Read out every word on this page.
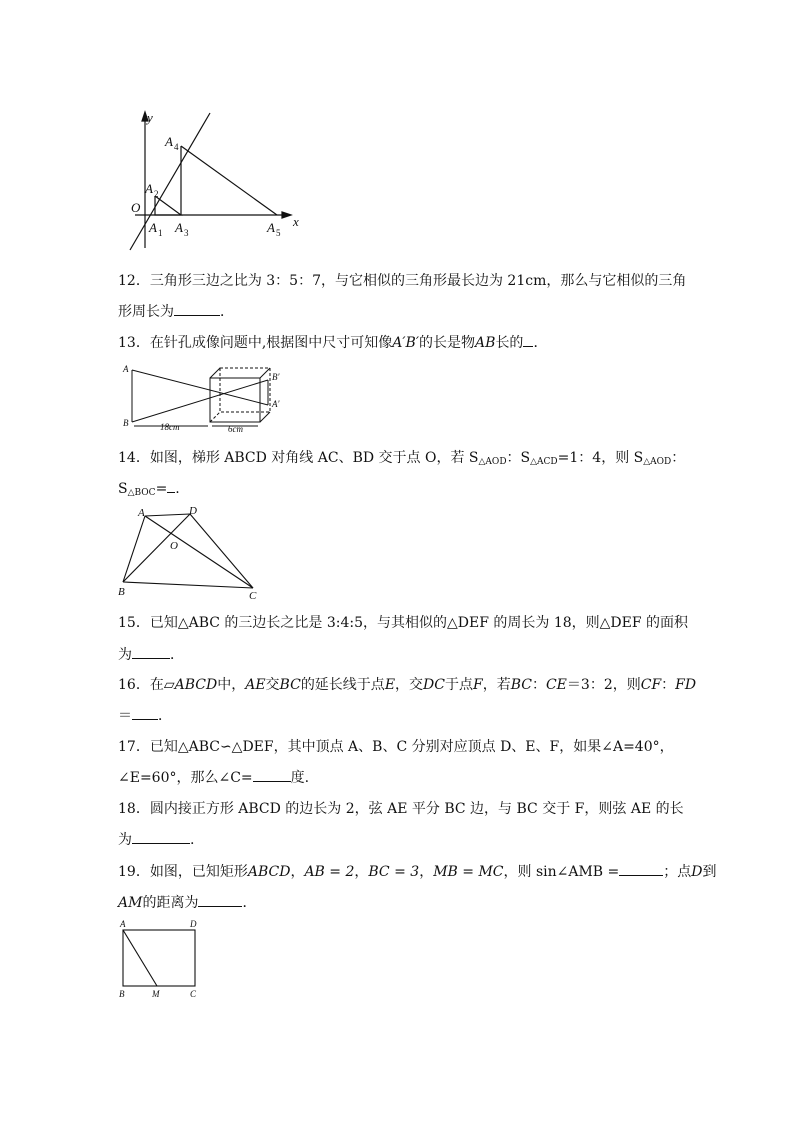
y
x
O
A 1
A 2
A 3
A 4
A 5
12．三角形三边之比为 3：5：7，与它相似的三角形最长边为 21cm，那么与它相似的三角
形周长为	．
13．在针孔成像问题中,根据图中尺寸可知像A′B′的长是物AB长的 ．
A
B
B′
A′
18cm	6cm
14．如图，梯形 ABCD 对角线 AC、BD 交于点 O，若 $S_{\triangle AOD}$：$S_{\triangle ACD}=1$：4，则 $S_{\triangle AOD}$：
$S_{\triangle BOC}=$ .
A	D
O
B	C
15．已知△ABC 的三边长之比是 3:4:5，与其相似的△DEF 的周长为 18，则△DEF 的面积
为	．
16．在▱ABCD中，AE交BC的延长线于点E，交DC于点F，若BC：CE＝3：2，则CF：FD
＝ ．
17．已知△ABC∽△DEF，其中顶点 A、B、C 分别对应顶点 D、E、F，如果∠A=40°，
∠E=60°，那么∠C=	度.
18．圆内接正方形 ABCD 的边长为 2，弦 AE 平分 BC 边，与 BC 交于 F，则弦 AE 的长
为	.
19．如图，已知矩形ABCD，AB = 2，BC = 3，MB = MC，则 sin∠AMB =	；点D到
AM的距离为	．
A	D
B	M	C
